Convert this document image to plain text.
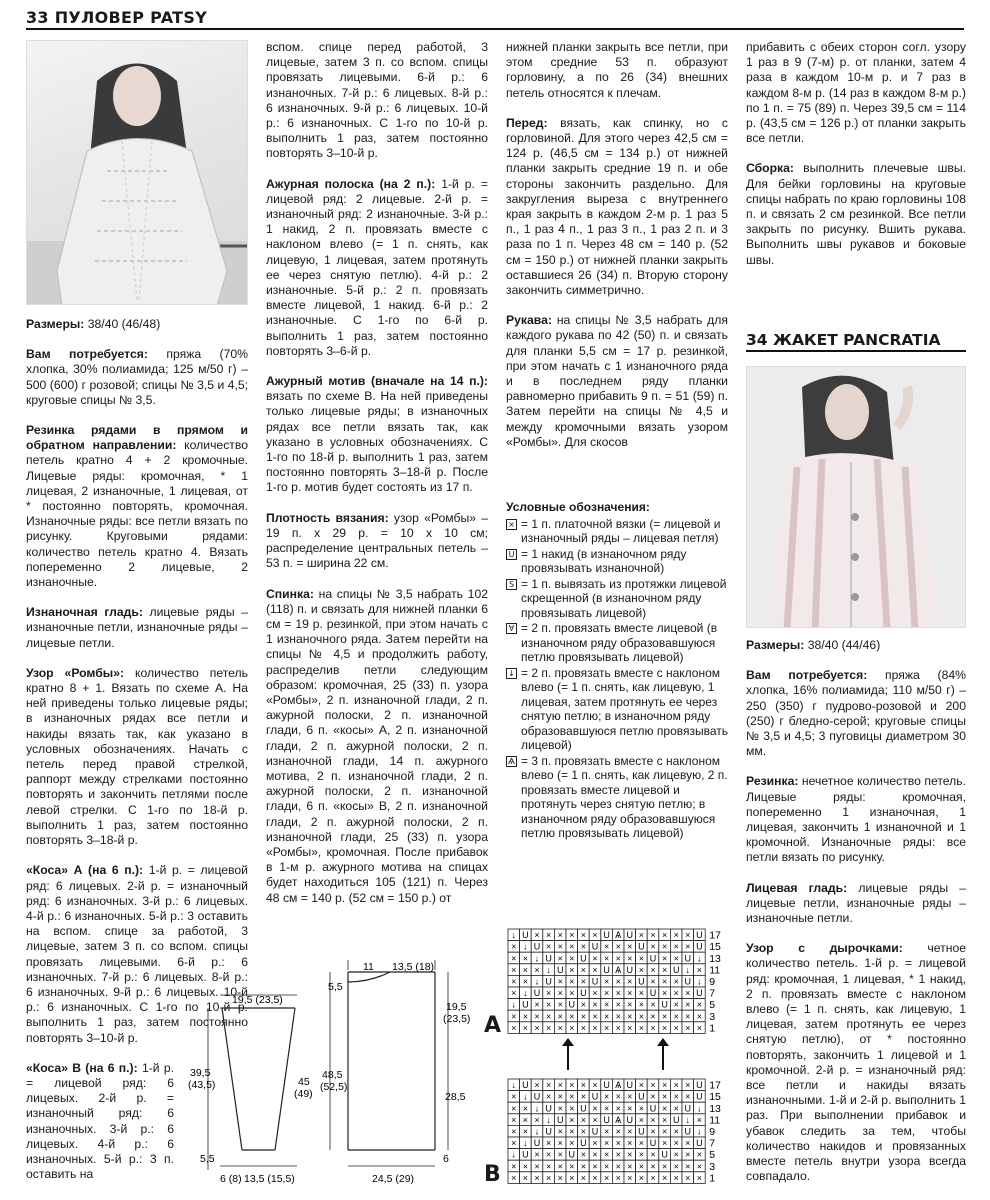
33 ПУЛОВЕР PATSY

Размеры: 38/40 (46/48)

Вам потребуется: пряжа (70% хлопка, 30% полиамида; 125 м/50 г) – 500 (600) г розовой; спицы № 3,5 и 4,5; круговые спицы № 3,5.

Резинка рядами в прямом и обратном направлении: количество петель кратно 4 + 2 кромочные. Лицевые ряды: кромочная, * 1 лицевая, 2 изнаночные, 1 лицевая, от * постоянно повторять, кромочная. Изнаночные ряды: все петли вязать по рисунку. Круговыми рядами: количество петель кратно 4. Вязать попеременно 2 лицевые, 2 изнаночные.

Изнаночная гладь: лицевые ряды – изнаночные петли, изнаночные ряды – лицевые петли.

Узор «Ромбы»: количество петель кратно 8 + 1. Вязать по схеме А. На ней приведены только лицевые ряды; в изнаночных рядах все петли и накиды вязать так, как указано в условных обозначениях. Начать с петель перед правой стрелкой, раппорт между стрелками постоянно повторять и закончить петлями после левой стрелки. С 1-го по 18-й р. выполнить 1 раз, затем постоянно повторять 3–18-й р.

«Коса» А (на 6 п.): 1-й р. = лицевой ряд: 6 лицевых. 2-й р. = изнаночный ряд: 6 изнаночных. 3-й р.: 6 лицевых. 4-й р.: 6 изнаночных. 5-й р.: 3 оставить на вспом. спице за работой, 3 лицевые, затем 3 п. со вспом. спицы провязать лицевыми. 6-й р.: 6 изнаночных. 7-й р.: 6 лицевых. 8-й р.: 6 изнаночных. 9-й р.: 6 лицевых. 10-й р.: 6 изнаночных. С 1-го по 10-й р. выполнить 1 раз, затем постоянно повторять 3–10-й р.

«Коса» В (на 6 п.): 1-й р. = лицевой ряд: 6 лицевых. 2-й р. = изнаночный ряд: 6 изнаночных. 3-й р.: 6 лицевых. 4-й р.: 6 изнаночных. 5-й р.: 3 п. оставить на

вспом. спице перед работой, 3 лицевые, затем 3 п. со вспом. спицы провязать лицевыми. 6-й р.: 6 изнаночных. 7-й р.: 6 лицевых. 8-й р.: 6 изнаночных. 9-й р.: 6 лицевых. 10-й р.: 6 изнаночных. С 1-го по 10-й р. выполнить 1 раз, затем постоянно повторять 3–10-й р.

Ажурная полоска (на 2 п.): 1-й р. = лицевой ряд: 2 лицевые. 2-й р. = изнаночный ряд: 2 изнаночные. 3-й р.: 1 накид, 2 п. провязать вместе с наклоном влево (= 1 п. снять, как лицевую, 1 лицевая, затем протянуть ее через снятую петлю). 4-й р.: 2 изнаночные. 5-й р.: 2 п. провязать вместе лицевой, 1 накид. 6-й р.: 2 изнаночные. С 1-го по 6-й р. выполнить 1 раз, затем постоянно повторять 3–6-й р.

Ажурный мотив (вначале на 14 п.): вязать по схеме В. На ней приведены только лицевые ряды; в изнаночных рядах все петли вязать так, как указано в условных обозначениях. С 1-го по 18-й р. выполнить 1 раз, затем постоянно повторять 3–18-й р. После 1-го р. мотив будет состоять из 17 п.

Плотность вязания: узор «Ромбы» – 19 п. х 29 р. = 10 х 10 см; распределение центральных петель – 53 п. = ширина 22 см.

Спинка: на спицы № 3,5 набрать 102 (118) п. и связать для нижней планки 6 см = 19 р. резинкой, при этом начать с 1 изнаночного ряда. Затем перейти на спицы № 4,5 и продолжить работу, распределив петли следующим образом: кромочная, 25 (33) п. узора «Ромбы», 2 п. изнаночной глади, 2 п. ажурной полоски, 2 п. изнаночной глади, 6 п. «косы» А, 2 п. изнаночной глади, 2 п. ажурной полоски, 2 п. изнаночной глади, 14 п. ажурного мотива, 2 п. изнаночной глади, 2 п. ажурной полоски, 2 п. изнаночной глади, 6 п. «косы» В, 2 п. изнаночной глади, 2 п. ажурной полоски, 2 п. изнаночной глади, 25 (33) п. узора «Ромбы», кромочная. После прибавок в 1-м р. ажурного мотива на спицах будет находиться 105 (121) п. Через 48 см = 140 р. (52 см = 150 р.) от

19,5 (23,5)
39,5
(43,5)
5,5
6 (8) 13,5 (15,5)
11 13,5 (18)
5,5
19,5
(23,5)
48,5
(52,5)
45
(49)	28,5
6
24,5 (29)

нижней планки закрыть все петли, при этом средние 53 п. образуют горловину, а по 26 (34) внешних петель относятся к плечам.

Перед: вязать, как спинку, но с горловиной. Для этого через 42,5 см = 124 р. (46,5 см = 134 р.) от нижней планки закрыть средние 19 п. и обе стороны закончить раздельно. Для закругления выреза с внутреннего края закрыть в каждом 2-м р. 1 раз 5 п., 1 раз 4 п., 1 раз 3 п., 1 раз 2 п. и 3 раза по 1 п. Через 48 см = 140 р. (52 см = 150 р.) от нижней планки закрыть оставшиеся 26 (34) п. Вторую сторону закончить симметрично.

Рукава: на спицы № 3,5 набрать для каждого рукава по 42 (50) п. и связать для планки 5,5 см = 17 р. резинкой, при этом начать с 1 изнаночного ряда и в последнем ряду планки равномерно прибавить 9 п. = 51 (59) п. Затем перейти на спицы № 4,5 и между кромочными вязать узором «Ромбы». Для скосов

Условные обозначения:
× = 1 п. платочной вязки (= лицевой и изнаночный ряды – лицевая петля)
U = 1 накид (в изнаночном ряду провязывать изнаночной)
S = 1 п. вывязать из протяжки лицевой скрещенной (в изнаночном ряду провязывать лицевой)
∀ = 2 п. провязать вместе лицевой (в изнаночном ряду образовавшуюся петлю провязывать лицевой)
↓ = 2 п. провязать вместе с наклоном влево (= 1 п. снять, как лицевую, 1 лицевая, затем протянуть ее через снятую петлю; в изнаночном ряду образовавшуюся петлю провязывать лицевой)
Ѧ = 3 п. провязать вместе с наклоном влево (= 1 п. снять, как лицевую, 2 п. провязать вместе лицевой и протянуть через снятую петлю; в изнаночном ряду образовавшуюся петлю провязывать лицевой)
A
↓ U × × × × × × U Ѧ U × × × × × U 17
× ↓ U × × × × U × × × U × × × × U 15
× × ↓ U × × U × × × × × U × × U ↓ 13
× × × ↓ U × × × U Ѧ U × × × U ↓ × 11
× × ↓ U × × × U × × × U × × × U ↓ 9
× ↓ U × × × U × × × × × U × × × U 7
↓ U × × × U × × × × × × × U × × × 5
× × × × × × × × × × × × × × × × × 3
× × × × × × × × × × × × × × × × × 1
B
↓ U × × × × × × U Ѧ U × × × × × U 17
× ↓ U × × × × U × × × U × × × × U 15
× × ↓ U × × U × × × × × U × × U ↓ 13
× × × ↓ U × × × U Ѧ U × × × U ↓ × 11
× × ↓ U × × × U × × × U × × × U ↓ 9
× ↓ U × × × U × × × × × U × × × U 7
↓ U × × × U × × × × × × × U × × × 5
× × × × × × × × × × × × × × × × × 3
× × × × × × × × × × × × × × × × × 1

прибавить с обеих сторон согл. узору 1 раз в 9 (7-м) р. от планки, затем 4 раза в каждом 10-м р. и 7 раз в каждом 8-м р. (14 раз в каждом 8-м р.) по 1 п. = 75 (89) п. Через 39,5 см = 114 р. (43,5 см = 126 р.) от планки закрыть все петли.

Сборка: выполнить плечевые швы. Для бейки горловины на круговые спицы набрать по краю горловины 108 п. и связать 2 см резинкой. Все петли закрыть по рисунку. Вшить рукава. Выполнить швы рукавов и боковые швы.

34 ЖАКЕТ PANCRATIA

Размеры: 38/40 (44/46)

Вам потребуется: пряжа (84% хлопка, 16% полиамида; 110 м/50 г) – 250 (350) г пудрово-розовой и 200 (250) г бледно-серой; круговые спицы № 3,5 и 4,5; 3 пуговицы диаметром 30 мм.

Резинка: нечетное количество петель. Лицевые ряды: кромочная, попеременно 1 изнаночная, 1 лицевая, закончить 1 изнаночной и 1 кромочной. Изнаночные ряды: все петли вязать по рисунку.

Лицевая гладь: лицевые ряды – лицевые петли, изнаночные ряды – изнаночные петли.

Узор с дырочками: четное количество петель. 1-й р. = лицевой ряд: кромочная, 1 лицевая, * 1 накид, 2 п. провязать вместе с наклоном влево (= 1 п. снять, как лицевую, 1 лицевая, затем протянуть ее через снятую петлю), от * постоянно повторять, закончить 1 лицевой и 1 кромочной. 2-й р. = изнаночный ряд: все петли и накиды вязать изнаночными. 1-й и 2-й р. выполнить 1 раз. При выполнении прибавок и убавок следить за тем, чтобы количество накидов и провязанных вместе петель внутри узора всегда совпадало.
